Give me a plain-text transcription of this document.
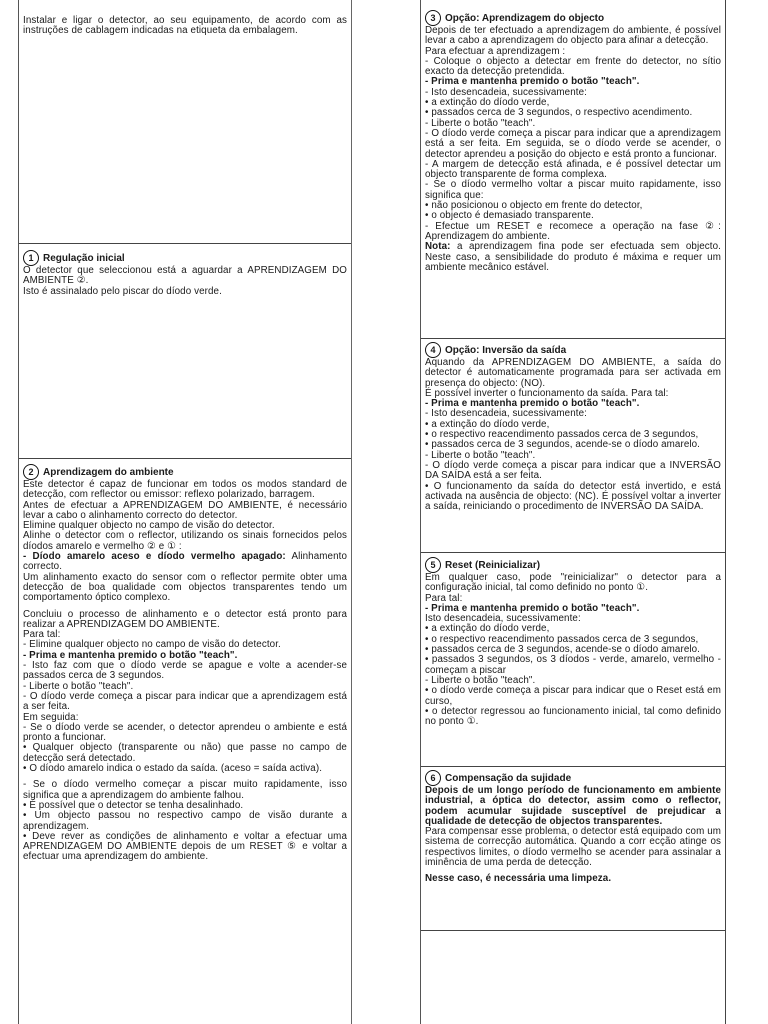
Instalar e ligar o detector, ao seu equipamento, de acordo com as instruções de cablagem indicadas na etiqueta da embalagem.

1 Regulação inicial

O detector que seleccionou está a aguardar a APRENDIZAGEM DO AMBIENTE ②.

Isto é assinalado pelo piscar do díodo verde.

2 Aprendizagem do ambiente

Este detector é capaz de funcionar em todos os modos standard de detecção, com reflector ou emissor: reflexo polarizado, barragem.

Antes de efectuar a APRENDIZAGEM DO AMBIENTE, é necessário levar a cabo o alinhamento correcto do detector.

Elimine qualquer objecto no campo de visão do detector.

Alinhe o detector com o reflector, utilizando os sinais fornecidos pelos díodos amarelo e vermelho ② e ① :

- Díodo amarelo aceso e díodo vermelho apagado: Alinhamento correcto.

Um alinhamento exacto do sensor com o reflector permite obter uma detecção de boa qualidade com objectos transparentes tendo um comportamento óptico complexo.

Concluiu o processo de alinhamento e o detector está pronto para realizar a APRENDIZAGEM DO AMBIENTE.

Para tal:

- Elimine qualquer objecto no campo de visão do detector.

- Prima e mantenha premido o botão "teach".

- Isto faz com que o díodo verde se apague e volte a acender-se passados cerca de 3 segundos.

- Liberte o botão "teach".

- O díodo verde começa a piscar para indicar que a aprendizagem está a ser feita.

Em seguida:

- Se o díodo verde se acender, o detector aprendeu o ambiente e está pronto a funcionar.

• Qualquer objecto (transparente ou não) que passe no campo de detecção será detectado.

• O díodo amarelo indica o estado da saída. (aceso = saída activa).

- Se o díodo vermelho começar a piscar muito rapidamente, isso significa que a aprendizagem do ambiente falhou.

• É possível que o detector se tenha desalinhado.

• Um objecto passou no respectivo campo de visão durante a aprendizagem.

• Deve rever as condições de alinhamento e voltar a efectuar uma APRENDIZAGEM DO AMBIENTE depois de um RESET ⑤ e voltar a efectuar uma aprendizagem do ambiente.

3 Opção: Aprendizagem do objecto

Depois de ter efectuado a aprendizagem do ambiente, é possível levar a cabo a aprendizagem do objecto para afinar a detecção.

Para efectuar a aprendizagem :

- Coloque o objecto a detectar em frente do detector, no sítio exacto da detecção pretendida.

- Prima e mantenha premido o botão "teach".

- Isto desencadeia, sucessivamente:

• a extinção do díodo verde,

• passados cerca de 3 segundos, o respectivo acendimento.

- Liberte o botão "teach".

- O díodo verde começa a piscar para indicar que a aprendizagem está a ser feita. Em seguida, se o díodo verde se acender, o detector aprendeu a posição do objecto e está pronto a funcionar.

- A margem de detecção está afinada, e é possível detectar um objecto transparente de forma complexa.

- Se o díodo vermelho voltar a piscar muito rapidamente, isso significa que:

• não posicionou o objecto em frente do detector,

• o objecto é demasiado transparente.

- Efectue um RESET e recomece a operação na fase ②: Aprendizagem do ambiente.

Nota: a aprendizagem fina pode ser efectuada sem objecto. Neste caso, a sensibilidade do produto é máxima e requer um ambiente mecânico estável.

4 Opção: Inversão da saída

Aquando da APRENDIZAGEM DO AMBIENTE, a saída do detector é automaticamente programada para ser activada em presença do objecto: (NO).

É possível inverter o funcionamento da saída. Para tal:

- Prima e mantenha premido o botão "teach".

- Isto desencadeia, sucessivamente:

• a extinção do díodo verde,

• o respectivo reacendimento passados cerca de 3 segundos,

• passados cerca de 3 segundos, acende-se o díodo amarelo.

- Liberte o botão "teach".

- O díodo verde começa a piscar para indicar que a INVERSÃO DA SAÍDA está a ser feita.

• O funcionamento da saída do detector está invertido, e está activada na ausência de objecto: (NC). É possível voltar a inverter a saída, reiniciando o procedimento de INVERSÃO DA SAÍDA.

5 Reset (Reinicializar)

Em qualquer caso, pode "reinicializar" o detector para a configuração inicial, tal como definido no ponto ①.

Para tal:

- Prima e mantenha premido o botão "teach".

Isto desencadeia, sucessivamente:

• a extinção do díodo verde,

• o respectivo reacendimento passados cerca de 3 segundos,

• passados cerca de 3 segundos, acende-se o díodo amarelo.

• passados 3 segundos, os 3 díodos - verde, amarelo, vermelho - começam a piscar

- Liberte o botão "teach".

• o díodo verde começa a piscar para indicar que o Reset está em curso,

• o detector regressou ao funcionamento inicial, tal como definido no ponto ①.

6 Compensação da sujidade

Depois de um longo período de funcionamento em ambiente industrial, a óptica do detector, assim como o reflector, podem acumular sujidade susceptível de prejudicar a qualidade de detecção de objectos transparentes.

Para compensar esse problema, o detector está equipado com um sistema de correcção automática. Quando a corr ecção atinge os respectivos limites, o díodo vermelho se acender para assinalar a iminência de uma perda de detecção.

Nesse caso, é necessária uma limpeza.
